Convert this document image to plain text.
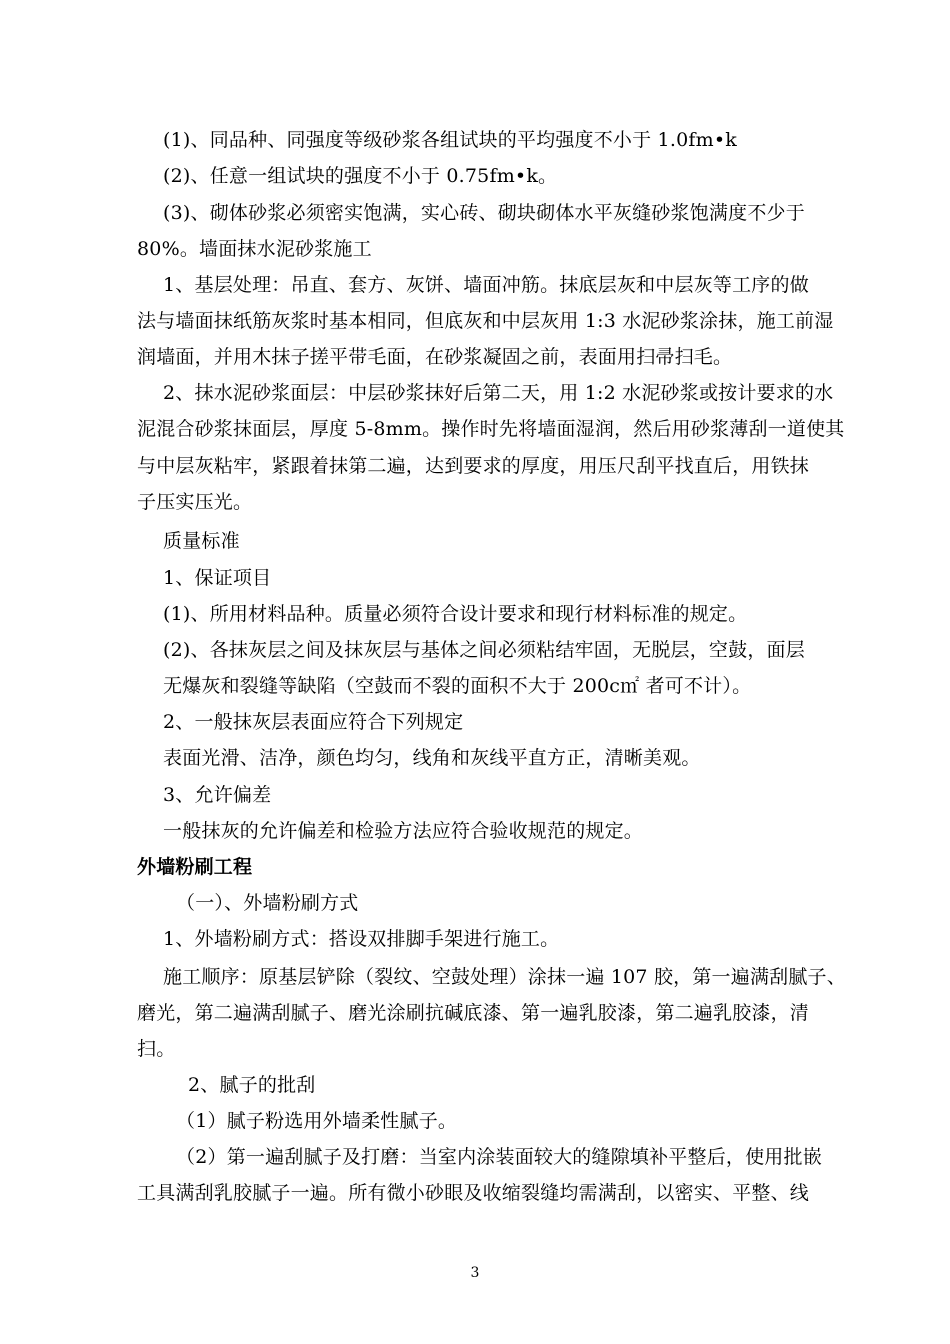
(1)、同品种、同强度等级砂浆各组试块的平均强度不小于 1.0fm•k
(2)、任意一组试块的强度不小于 0.75fm•k。
(3)、砌体砂浆必须密实饱满，实心砖、砌块砌体水平灰缝砂浆饱满度不少于
80%。墙面抹水泥砂浆施工
1、基层处理：吊直、套方、灰饼、墙面冲筋。抹底层灰和中层灰等工序的做
法与墙面抹纸筋灰浆时基本相同，但底灰和中层灰用 1:3 水泥砂浆涂抹，施工前湿
润墙面，并用木抹子搓平带毛面，在砂浆凝固之前，表面用扫帚扫毛。
2、抹水泥砂浆面层：中层砂浆抹好后第二天，用 1:2 水泥砂浆或按计要求的水
泥混合砂浆抹面层，厚度 5-8mm。操作时先将墙面湿润，然后用砂浆薄刮一道使其
与中层灰粘牢，紧跟着抹第二遍，达到要求的厚度，用压尺刮平找直后，用铁抹
子压实压光。
质量标准
1、保证项目
(1)、所用材料品种。质量必须符合设计要求和现行材料标准的规定。
(2)、各抹灰层之间及抹灰层与基体之间必须粘结牢固，无脱层，空鼓，面层
无爆灰和裂缝等缺陷（空鼓而不裂的面积不大于 200c㎡ 者可不计）。
2、一般抹灰层表面应符合下列规定
表面光滑、洁净，颜色均匀，线角和灰线平直方正，清晰美观。
3、允许偏差
一般抹灰的允许偏差和检验方法应符合验收规范的规定。
外墙粉刷工程
（一）、外墙粉刷方式
1、外墙粉刷方式：搭设双排脚手架进行施工。
施工顺序：原基层铲除（裂纹、空鼓处理）涂抹一遍 107 胶，第一遍满刮腻子、
磨光，第二遍满刮腻子、磨光涂刷抗碱底漆、第一遍乳胶漆，第二遍乳胶漆，清
扫。
2、腻子的批刮
（1）腻子粉选用外墙柔性腻子。
（2）第一遍刮腻子及打磨：当室内涂装面较大的缝隙填补平整后，使用批嵌
工具满刮乳胶腻子一遍。所有微小砂眼及收缩裂缝均需满刮，以密实、平整、线
3
